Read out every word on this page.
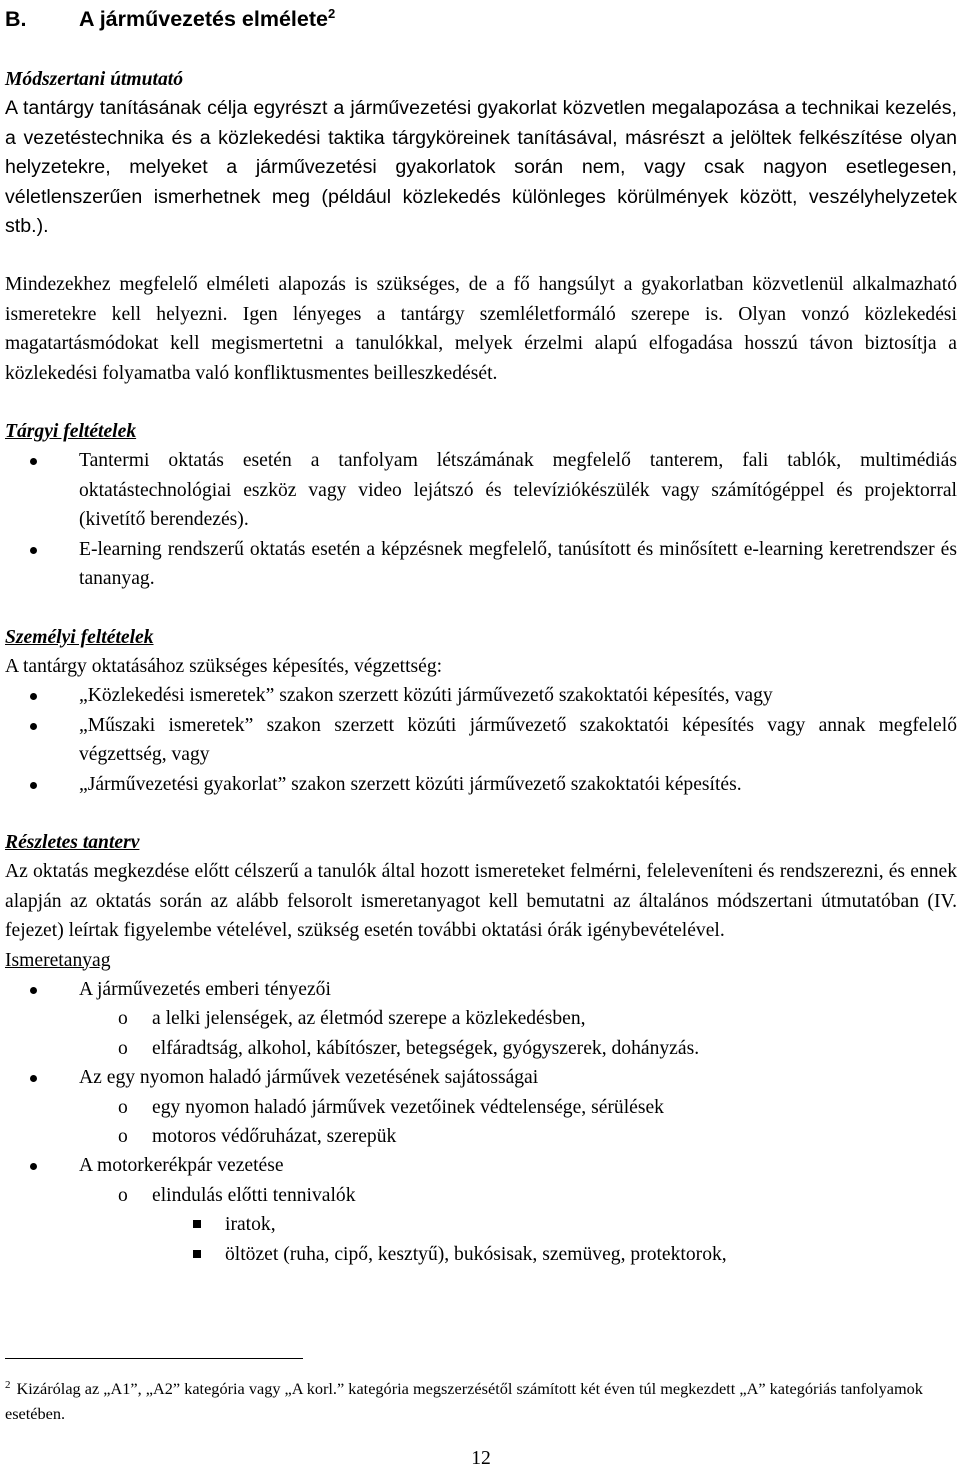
B. A járművezetés elmélete$^2$

Módszertani útmutató

A tantárgy tanításának célja egyrészt a járművezetési gyakorlat közvetlen megalapozása a technikai kezelés, a vezetéstechnika és a közlekedési taktika tárgyköreinek tanításával, másrészt a jelöltek felkészítése olyan helyzetekre, melyeket a járművezetési gyakorlatok során nem, vagy csak nagyon esetlegesen, véletlenszerűen ismerhetnek meg (például közlekedés különleges körülmények között, veszélyhelyzetek stb.).

Mindezekhez megfelelő elméleti alapozás is szükséges, de a fő hangsúlyt a gyakorlatban közvetlenül alkalmazható ismeretekre kell helyezni. Igen lényeges a tantárgy szemléletformáló szerepe is. Olyan vonzó közlekedési magatartásmódokat kell megismertetni a tanulókkal, melyek érzelmi alapú elfogadása hosszú távon biztosítja a közlekedési folyamatba való konfliktusmentes beilleszkedését.

Tárgyi feltételek

Tantermi oktatás esetén a tanfolyam létszámának megfelelő tanterem, fali tablók, multimédiás oktatástechnológiai eszköz vagy video lejátszó és televíziókészülék vagy számítógéppel és projektorral (kivetítő berendezés).
E-learning rendszerű oktatás esetén a képzésnek megfelelő, tanúsított és minősített e-learning keretrendszer és tananyag.

Személyi feltételek

A tantárgy oktatásához szükséges képesítés, végzettség:

„Közlekedési ismeretek” szakon szerzett közúti járművezető szakoktatói képesítés, vagy
„Műszaki ismeretek” szakon szerzett közúti járművezető szakoktatói képesítés vagy annak megfelelő végzettség, vagy
„Járművezetési gyakorlat” szakon szerzett közúti járművezető szakoktatói képesítés.

Részletes tanterv

Az oktatás megkezdése előtt célszerű a tanulók által hozott ismereteket felmérni, feleleveníteni és rendszerezni, és ennek alapján az oktatás során az alább felsorolt ismeretanyagot kell bemutatni az általános módszertani útmutatóban (IV. fejezet) leírtak figyelembe vételével, szükség esetén további oktatási órák igénybevételével.

Ismeretanyag

A járművezetés emberi tényezői
o a lelki jelenségek, az életmód szerepe a közlekedésben,
o elfáradtság, alkohol, kábítószer, betegségek, gyógyszerek, dohányzás.
Az egy nyomon haladó járművek vezetésének sajátosságai
o egy nyomon haladó járművek vezetőinek védtelensége, sérülések
o motoros védőruházat, szerepük
A motorkerékpár vezetése
o elindulás előtti tennivalók
iratok,
öltözet (ruha, cipő, kesztyű), bukósisak, szemüveg, protektorok,
$^2$ Kizárólag az „A1”, „A2” kategória vagy „A korl.” kategória megszerzésétől számított két éven túl megkezdett „A” kategóriás tanfolyamok esetében.
12
